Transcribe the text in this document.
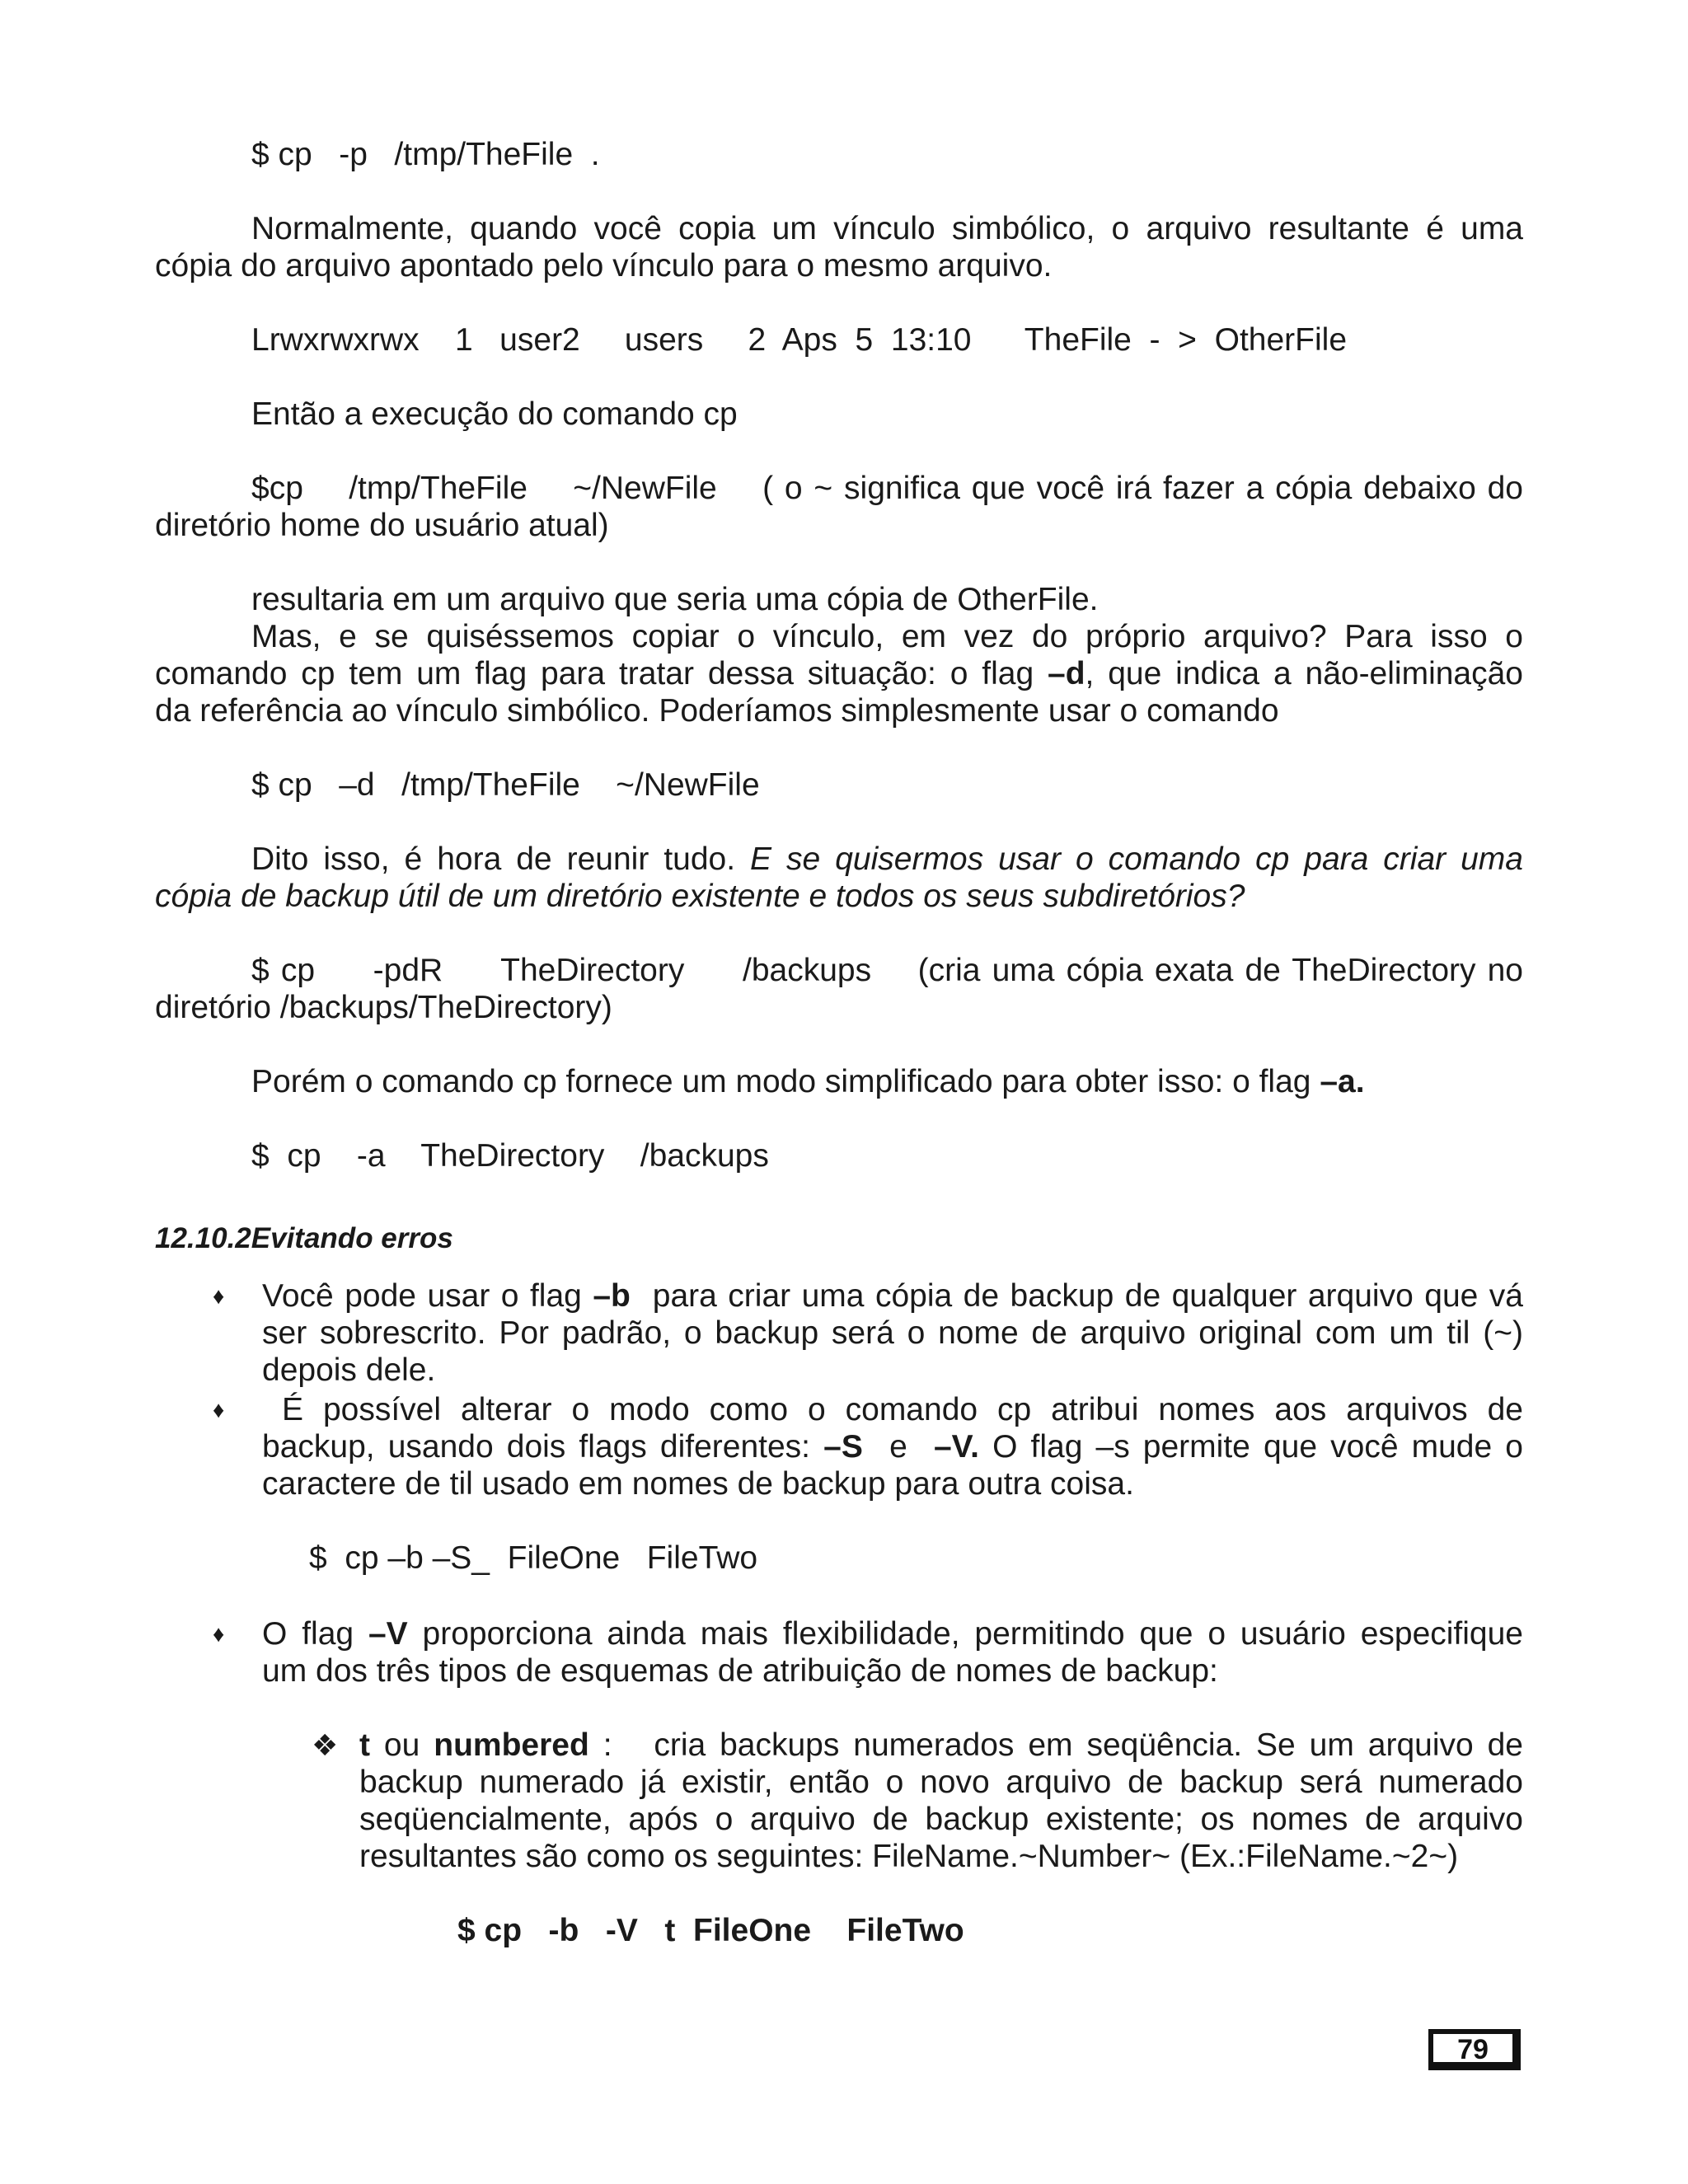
$ cp   -p   /tmp/TheFile  .

Normalmente, quando você copia um vínculo simbólico, o arquivo resultante é uma

cópia do arquivo apontado pelo vínculo para o mesmo arquivo.

Lrwxrwxrwx    1   user2     users     2  Aps  5  13:10      TheFile  -  >  OtherFile

Então a execução do comando cp

$cp    /tmp/TheFile    ~/NewFile    ( o ~ significa que você irá fazer a cópia debaixo do

diretório home do usuário atual)

resultaria em um arquivo que seria uma cópia de OtherFile.

Mas, e se quiséssemos copiar o vínculo, em vez do próprio arquivo? Para isso o

comando cp tem um flag para tratar dessa situação: o flag –d, que indica a não-eliminação

da referência ao vínculo simbólico. Poderíamos simplesmente usar o comando

$ cp   –d   /tmp/TheFile    ~/NewFile

Dito isso, é hora de reunir tudo. E se quisermos usar o comando cp para criar uma

cópia de backup útil de um diretório existente e todos os seus subdiretórios?

$ cp     -pdR     TheDirectory     /backups    (cria uma cópia exata de TheDirectory no

diretório /backups/TheDirectory)

Porém o comando cp fornece um modo simplificado para obter isso: o flag –a.

$  cp    -a    TheDirectory    /backups

12.10.2Evitando erros

♦ Você pode usar o flag –b  para criar uma cópia de backup de qualquer arquivo que vá

ser sobrescrito. Por padrão, o backup será o nome de arquivo original com um til (~)

depois dele.

♦ É possível alterar o modo como o comando cp atribui nomes aos arquivos de

backup, usando dois flags diferentes: –S  e  –V. O flag –s permite que você mude o

caractere de til usado em nomes de backup para outra coisa.

$  cp –b –S_  FileOne   FileTwo

♦ O flag –V proporciona ainda mais flexibilidade, permitindo que o usuário especifique

um dos três tipos de esquemas de atribuição de nomes de backup:

❖ t ou numbered :   cria backups numerados em seqüência. Se um arquivo de

backup numerado já existir, então o novo arquivo de backup será numerado

seqüencialmente, após o arquivo de backup existente; os nomes de arquivo

resultantes são como os seguintes: FileName.~Number~ (Ex.:FileName.~2~)

$ cp   -b   -V   t  FileOne    FileTwo

79
